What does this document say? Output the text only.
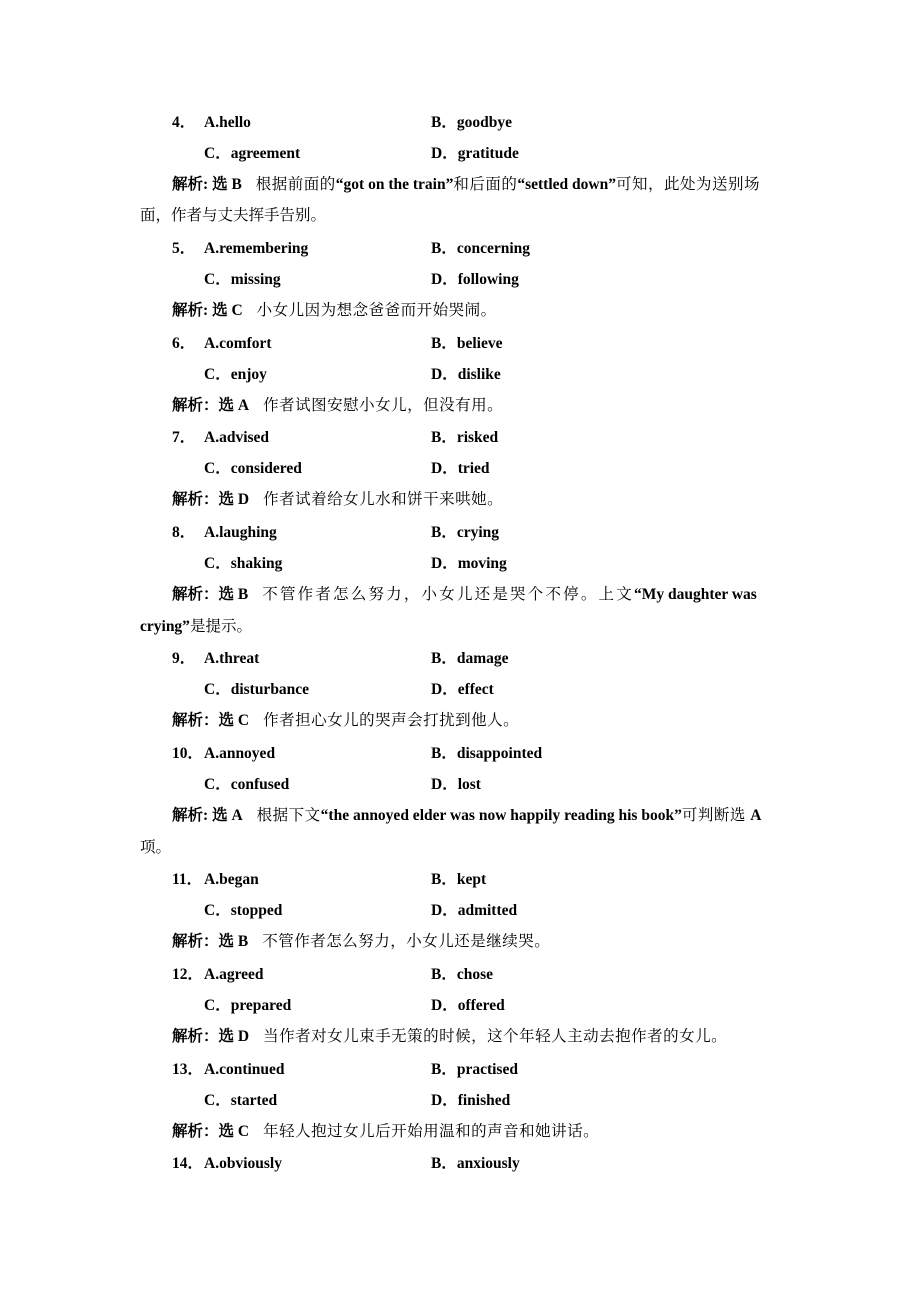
4． A.hello	B．goodbye
C．agreement	D．gratitude
解析: 选 B 根据前面的“got on the train”和后面的“settled down”可知，此处为送别场
面，作者与丈夫挥手告别。
5． A.remembering	B．concerning
C．missing	D．following
解析: 选 C 小女儿因为想念爸爸而开始哭闹。
6． A.comfort	B．believe
C．enjoy	D．dislike
解析：选 A 作者试图安慰小女儿，但没有用。
7． A.advised	B．risked
C．considered	D．tried
解析：选 D 作者试着给女儿水和饼干来哄她。
8． A.laughing	B．crying
C．shaking	D．moving
解析：选 B 不管作者怎么努力，小女儿还是哭个不停。上文“My daughter was
crying”是提示。
9． A.threat	B．damage
C．disturbance	D．effect
解析：选 C 作者担心女儿的哭声会打扰到他人。
10． A.annoyed	B．disappointed
C．confused	D．lost
解析: 选 A 根据下文“the annoyed elder was now happily reading his book”可判断选 A
项。
11． A.began	B．kept
C．stopped	D．admitted
解析：选 B 不管作者怎么努力，小女儿还是继续哭。
12． A.agreed	B．chose
C．prepared	D．offered
解析：选 D 当作者对女儿束手无策的时候，这个年轻人主动去抱作者的女儿。
13． A.continued	B．practised
C．started	D．finished
解析：选 C 年轻人抱过女儿后开始用温和的声音和她讲话。
14． A.obviously	B．anxiously
